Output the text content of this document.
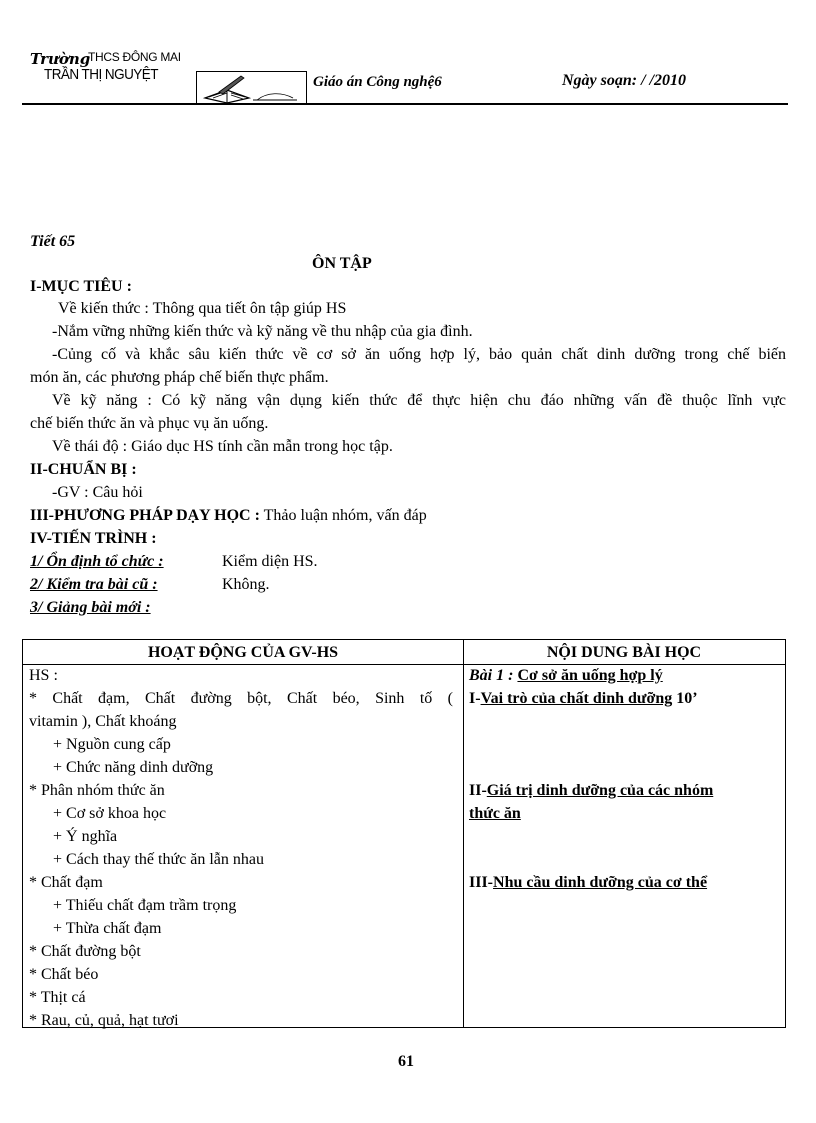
Trường
THCS ĐÔNG MAI
TRẦN THỊ NGUYỆT	Giáo án Công nghệ6	Ngày soạn: / /2010
Tiết 65
ÔN TẬP
I-MỤC TIÊU :
Về kiến thức : Thông qua tiết ôn tập giúp HS
-Nắm vững những kiến thức và kỹ năng về thu nhập của gia đình.
-Củng cố và khắc sâu kiến thức về cơ sở ăn uống hợp lý, bảo quản chất dinh dưỡng trong chế biến
món ăn, các phương pháp chế biến thực phẩm.
Về kỹ năng : Có kỹ năng vận dụng kiến thức để thực hiện chu đáo những vấn đề thuộc lĩnh vực
chế biến thức ăn và phục vụ ăn uống.
Về thái độ : Giáo dục HS tính cần mẫn trong học tập.
II-CHUẨN BỊ :
-GV : Câu hỏi
III-PHƯƠNG PHÁP DẠY HỌC : Thảo luận nhóm, vấn đáp
IV-TIẾN TRÌNH :
1/ Ổn định tổ chức :	Kiểm diện HS.
2/ Kiểm tra bài cũ :	Không.
3/ Giảng bài mới :
HOẠT ĐỘNG CỦA GV-HS	NỘI DUNG BÀI HỌC
HS :
* Chất đạm, Chất đường bột, Chất béo, Sinh tố (
vitamin ), Chất khoáng
+ Nguồn cung cấp
+ Chức năng dinh dưỡng
* Phân nhóm thức ăn
+ Cơ sở khoa học
+ Ý nghĩa
+ Cách thay thế thức ăn lẫn nhau
* Chất đạm
+ Thiếu chất đạm trầm trọng
+ Thừa chất đạm
* Chất đường bột
* Chất béo
* Thịt cá
* Rau, củ, quả, hạt tươi
Bài 1 : Cơ sở ăn uống hợp lý
I-Vai trò của chất dinh dưỡng 10’
II-Giá trị dinh dưỡng của các nhóm
thức ăn
III-Nhu cầu dinh dưỡng của cơ thể
61
